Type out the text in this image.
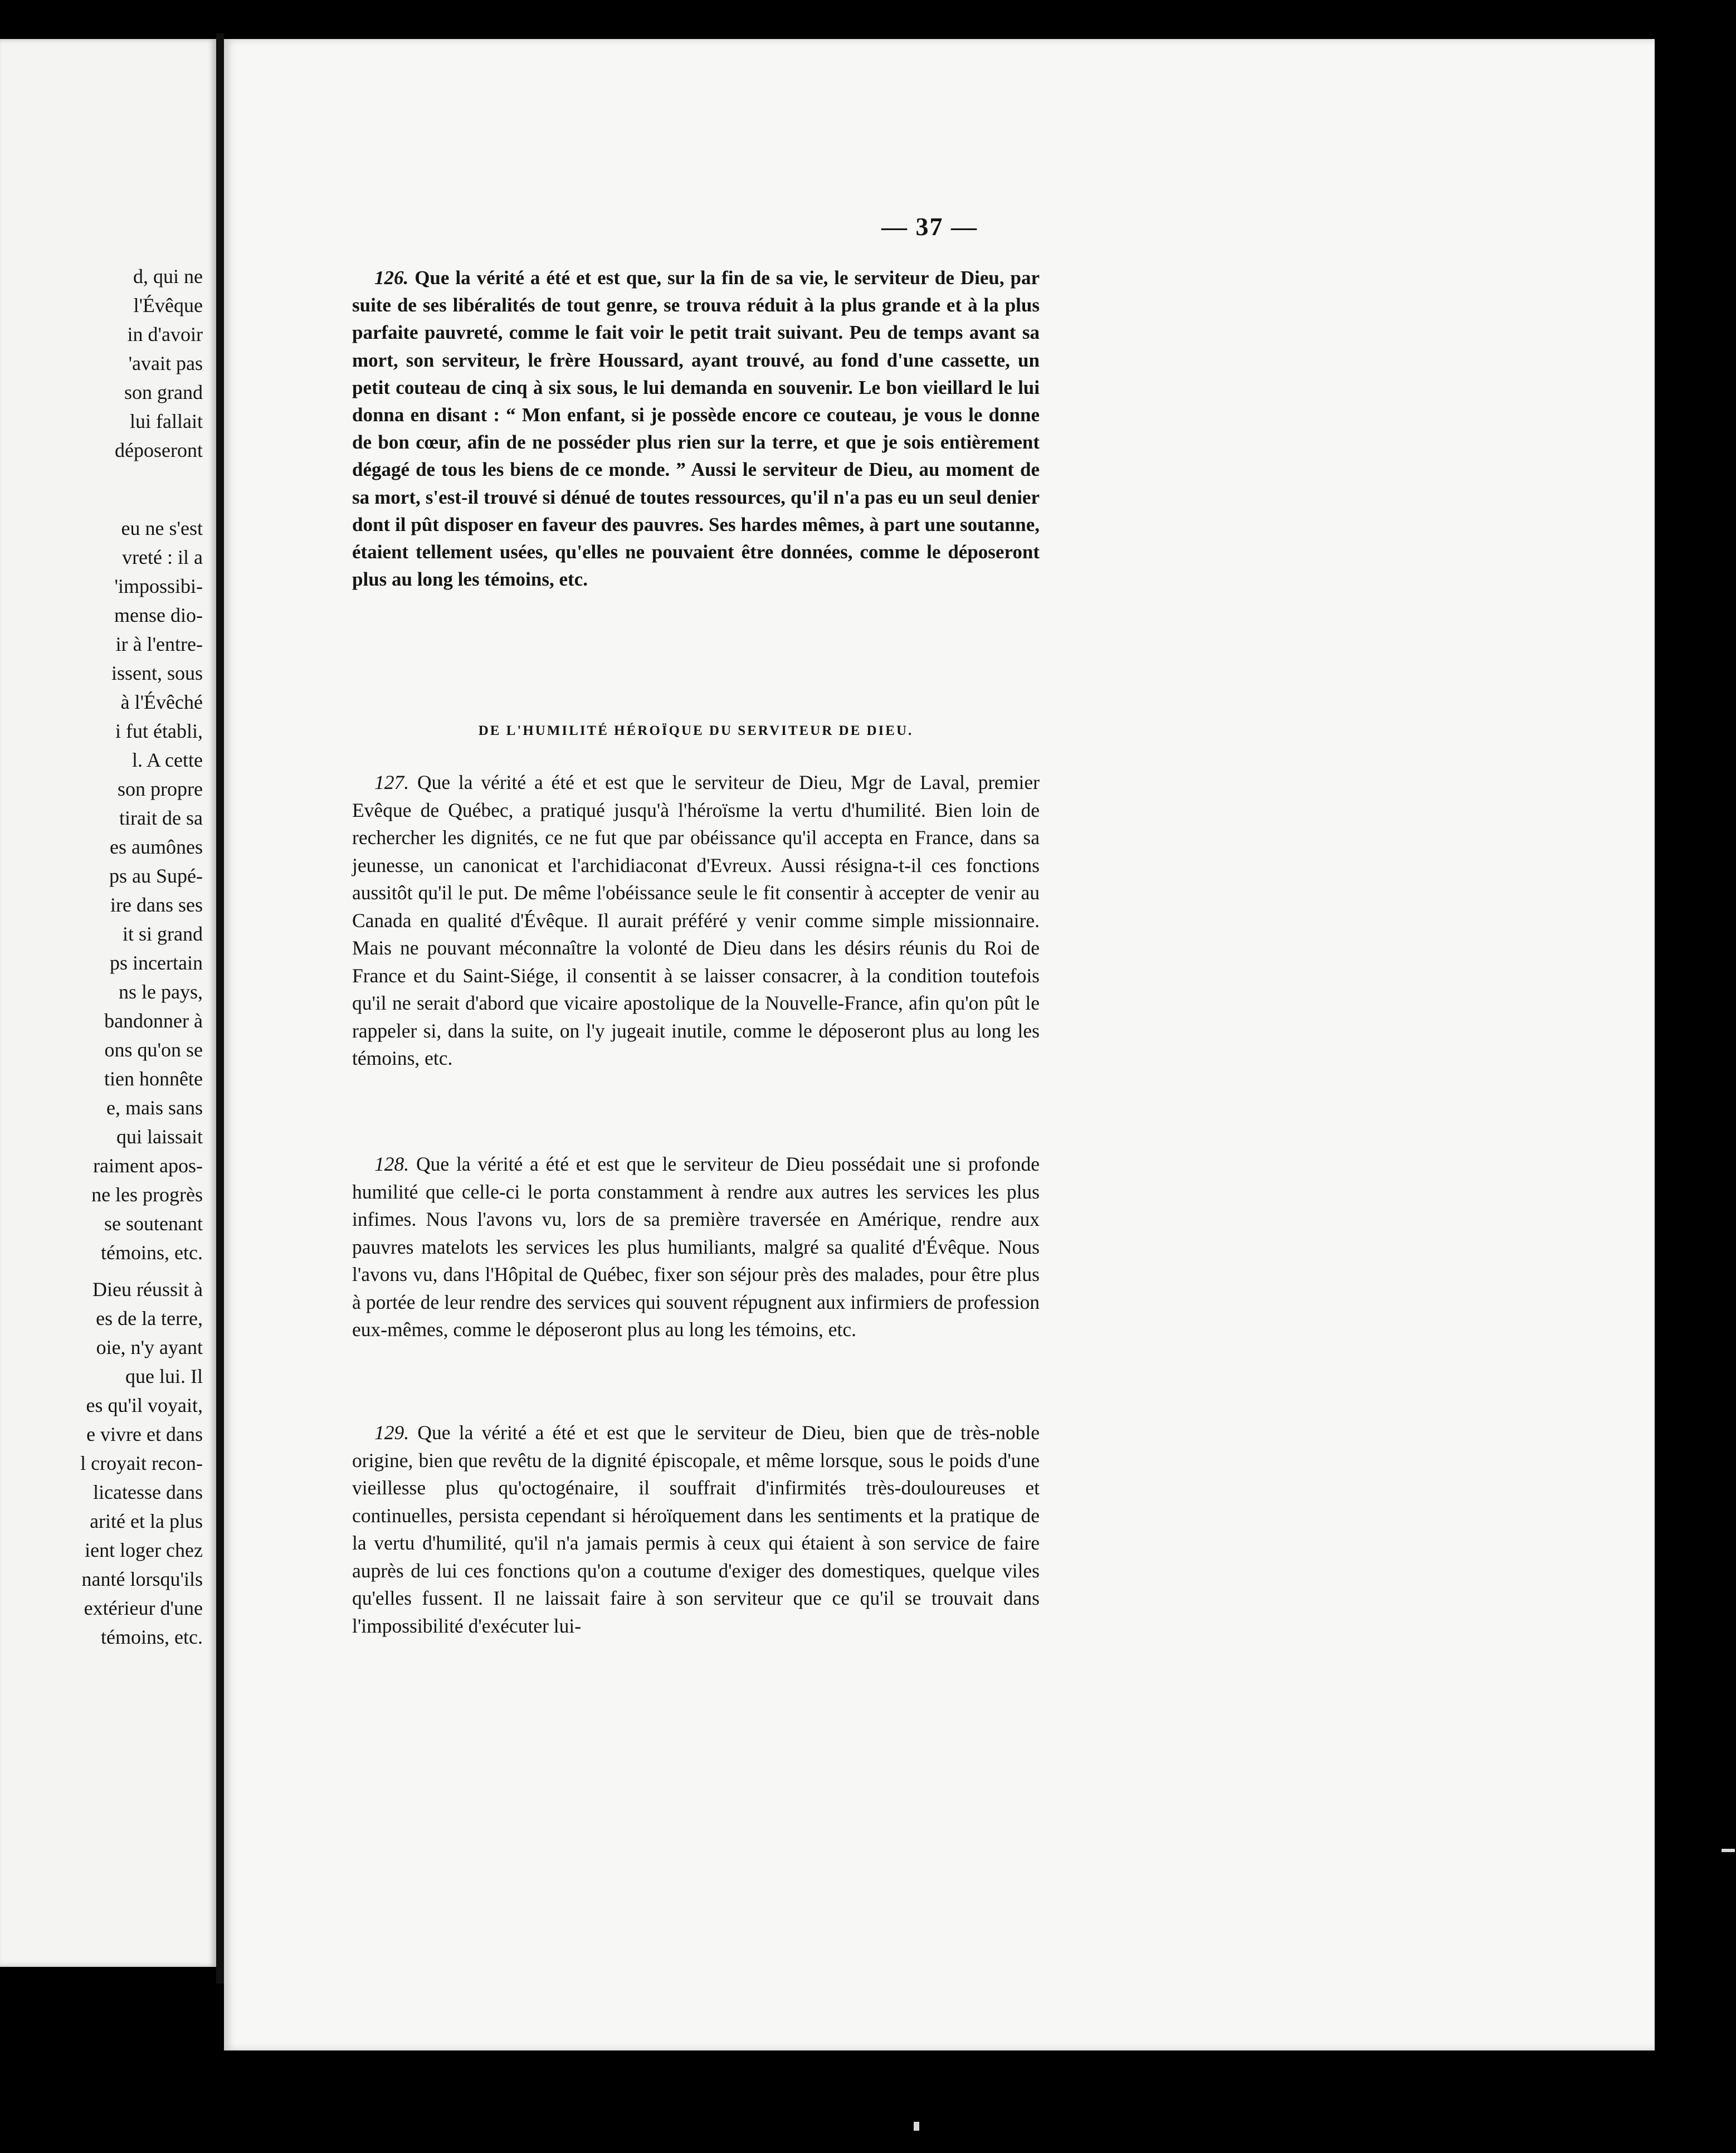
d, qui ne
l'Évêque
in d'avoir
'avait pas
son grand
lui fallait
déposeront
eu ne s'est
vreté : il a
'impossibi-
mense dio-
ir à l'entre-
issent, sous
à l'Évêché
i fut établi,
l. A cette
son propre
tirait de sa
es aumônes
ps au Supé-
ire dans ses
it si grand
ps incertain
ns le pays,
bandonner à
ons qu'on se
tien honnête
e, mais sans
qui laissait
raiment apos-
ne les progrès
se soutenant
témoins, etc.
Dieu réussit à
es de la terre,
oie, n'y ayant
que lui. Il
es qu'il voyait,
e vivre et dans
l croyait recon-
licatesse dans
arité et la plus
ient loger chez
nanté lorsqu'ils
extérieur d'une
témoins, etc.
— 37 —

126. Que la vérité a été et est que, sur la fin de sa vie, le serviteur de Dieu, par suite de ses libéralités de tout genre, se trouva réduit à la plus grande et à la plus parfaite pauvreté, comme le fait voir le petit trait suivant. Peu de temps avant sa mort, son serviteur, le frère Houssard, ayant trouvé, au fond d'une cassette, un petit couteau de cinq à six sous, le lui demanda en souvenir. Le bon vieillard le lui donna en disant : “ Mon enfant, si je possède encore ce couteau, je vous le donne de bon cœur, afin de ne posséder plus rien sur la terre, et que je sois entièrement dégagé de tous les biens de ce monde. ” Aussi le serviteur de Dieu, au moment de sa mort, s'est-il trouvé si dénué de toutes ressources, qu'il n'a pas eu un seul denier dont il pût disposer en faveur des pauvres. Ses hardes mêmes, à part une soutanne, étaient tellement usées, qu'elles ne pouvaient être données, comme le déposeront plus au long les témoins, etc.

DE L'HUMILITÉ HÉROÏQUE DU SERVITEUR DE DIEU.

127. Que la vérité a été et est que le serviteur de Dieu, Mgr de Laval, premier Evêque de Québec, a pratiqué jusqu'à l'héroïsme la vertu d'humilité. Bien loin de rechercher les dignités, ce ne fut que par obéissance qu'il accepta en France, dans sa jeunesse, un canonicat et l'archidiaconat d'Evreux. Aussi résigna-t-il ces fonctions aussitôt qu'il le put. De même l'obéissance seule le fit consentir à accepter de venir au Canada en qualité d'Évêque. Il aurait préféré y venir comme simple missionnaire. Mais ne pouvant méconnaître la volonté de Dieu dans les désirs réunis du Roi de France et du Saint-Siége, il consentit à se laisser consacrer, à la condition toutefois qu'il ne serait d'abord que vicaire apostolique de la Nouvelle-France, afin qu'on pût le rappeler si, dans la suite, on l'y jugeait inutile, comme le déposeront plus au long les témoins, etc.

128. Que la vérité a été et est que le serviteur de Dieu possédait une si profonde humilité que celle-ci le porta constamment à rendre aux autres les services les plus infimes. Nous l'avons vu, lors de sa première traversée en Amérique, rendre aux pauvres matelots les services les plus humiliants, malgré sa qualité d'Évêque. Nous l'avons vu, dans l'Hôpital de Québec, fixer son séjour près des malades, pour être plus à portée de leur rendre des services qui souvent répugnent aux infirmiers de profession eux-mêmes, comme le déposeront plus au long les témoins, etc.

129. Que la vérité a été et est que le serviteur de Dieu, bien que de très-noble origine, bien que revêtu de la dignité épiscopale, et même lorsque, sous le poids d'une vieillesse plus qu'octogénaire, il souffrait d'infirmités très-douloureuses et continuelles, persista cependant si héroïquement dans les sentiments et la pratique de la vertu d'humilité, qu'il n'a jamais permis à ceux qui étaient à son service de faire auprès de lui ces fonctions qu'on a coutume d'exiger des domestiques, quelque viles qu'elles fussent. Il ne laissait faire à son serviteur que ce qu'il se trouvait dans l'impossibilité d'exécuter lui-
